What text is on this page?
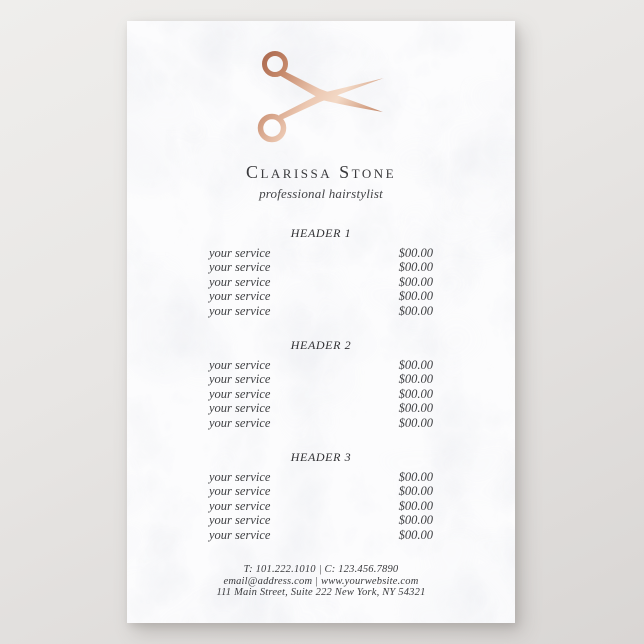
Clarissa Stone

professional hairstylist

HEADER 1
your service	$00.00
your service	$00.00
your service	$00.00
your service	$00.00
your service	$00.00
HEADER 2
your service	$00.00
your service	$00.00
your service	$00.00
your service	$00.00
your service	$00.00
HEADER 3
your service	$00.00
your service	$00.00
your service	$00.00
your service	$00.00
your service	$00.00

T: 101.222.1010 | C: 123.456.7890

email@address.com | www.yourwebsite.com

111 Main Street, Suite 222 New York, NY 54321
